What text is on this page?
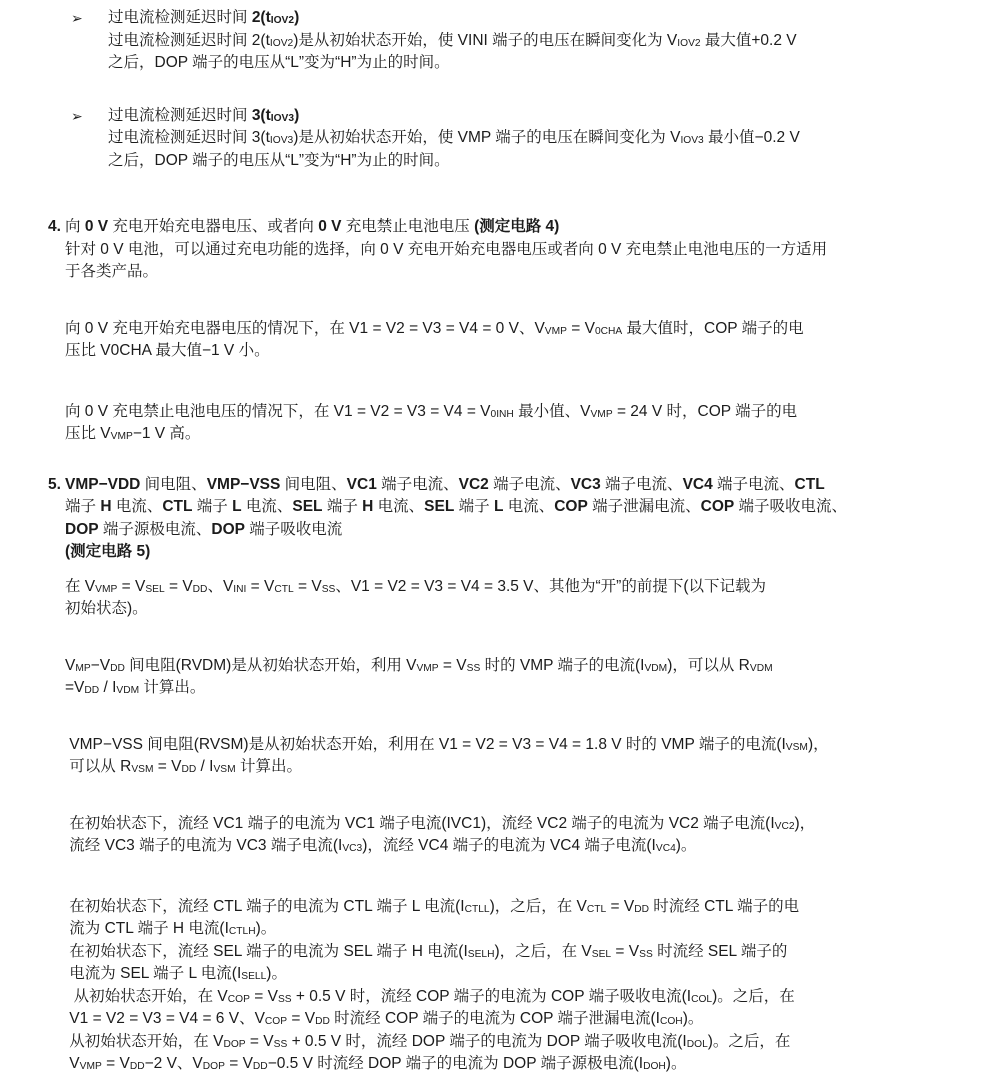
➢	过电流检测延迟时间 2(tIOV2)
过电流检测延迟时间 2(tIOV2)是从初始状态开始，使 VINI 端子的电压在瞬间变化为 VIOV2 最大值+0.2 V
之后，DOP 端子的电压从“L”变为“H”为止的时间。
➢	过电流检测延迟时间 3(tIOV3)
过电流检测延迟时间 3(tIOV3)是从初始状态开始，使 VMP 端子的电压在瞬间变化为 VIOV3 最小值−0.2 V
之后，DOP 端子的电压从“L”变为“H”为止的时间。
4. 向 0 V 充电开始充电器电压、或者向 0 V 充电禁止电池电压 (测定电路 4)
针对 0 V 电池，可以通过充电功能的选择，向 0 V 充电开始充电器电压或者向 0 V 充电禁止电池电压的一方适用
于各类产品。
向 0 V 充电开始充电器电压的情况下，在 V1 = V2 = V3 = V4 = 0 V、VVMP = V0CHA 最大值时，COP 端子的电
压比 V0CHA 最大值−1 V 小。
向 0 V 充电禁止电池电压的情况下，在 V1 = V2 = V3 = V4 = V0INH 最小值、VVMP = 24 V 时，COP 端子的电
压比 VVMP−1 V 高。
5. VMP−VDD 间电阻、VMP−VSS 间电阻、VC1 端子电流、VC2 端子电流、VC3 端子电流、VC4 端子电流、CTL
端子 H 电流、CTL 端子 L 电流、SEL 端子 H 电流、SEL 端子 L 电流、COP 端子泄漏电流、COP 端子吸收电流、
DOP 端子源极电流、DOP 端子吸收电流
(测定电路 5)
在 VVMP = VSEL = VDD、VINI = VCTL = VSS、V1 = V2 = V3 = V4 = 3.5 V、其他为“开”的前提下(以下记载为
初始状态)。
VMP−VDD 间电阻(RVDM)是从初始状态开始，利用 VVMP = VSS 时的 VMP 端子的电流(IVDM)，可以从 RVDM
=VDD / IVDM 计算出。
VMP−VSS 间电阻(RVSM)是从初始状态开始，利用在 V1 = V2 = V3 = V4 = 1.8 V 时的 VMP 端子的电流(IVSM)，
可以从 RVSM = VDD / IVSM 计算出。
在初始状态下，流经 VC1 端子的电流为 VC1 端子电流(IVC1)，流经 VC2 端子的电流为 VC2 端子电流(IVC2)，
流经 VC3 端子的电流为 VC3 端子电流(IVC3)，流经 VC4 端子的电流为 VC4 端子电流(IVC4)。
在初始状态下，流经 CTL 端子的电流为 CTL 端子 L 电流(ICTLL)，之后，在 VCTL = VDD 时流经 CTL 端子的电
流为 CTL 端子 H 电流(ICTLH)。
在初始状态下，流经 SEL 端子的电流为 SEL 端子 H 电流(ISELH)，之后，在 VSEL = VSS 时流经 SEL 端子的
电流为 SEL 端子 L 电流(ISELL)。
从初始状态开始，在 VCOP = VSS + 0.5 V 时，流经 COP 端子的电流为 COP 端子吸收电流(ICOL)。之后，在
V1 = V2 = V3 = V4 = 6 V、VCOP = VDD 时流经 COP 端子的电流为 COP 端子泄漏电流(ICOH)。
从初始状态开始，在 VDOP = VSS + 0.5 V 时，流经 DOP 端子的电流为 DOP 端子吸收电流(IDOL)。之后，在
VVMP = VDD−2 V、VDOP = VDD−0.5 V 时流经 DOP 端子的电流为 DOP 端子源极电流(IDOH)。
